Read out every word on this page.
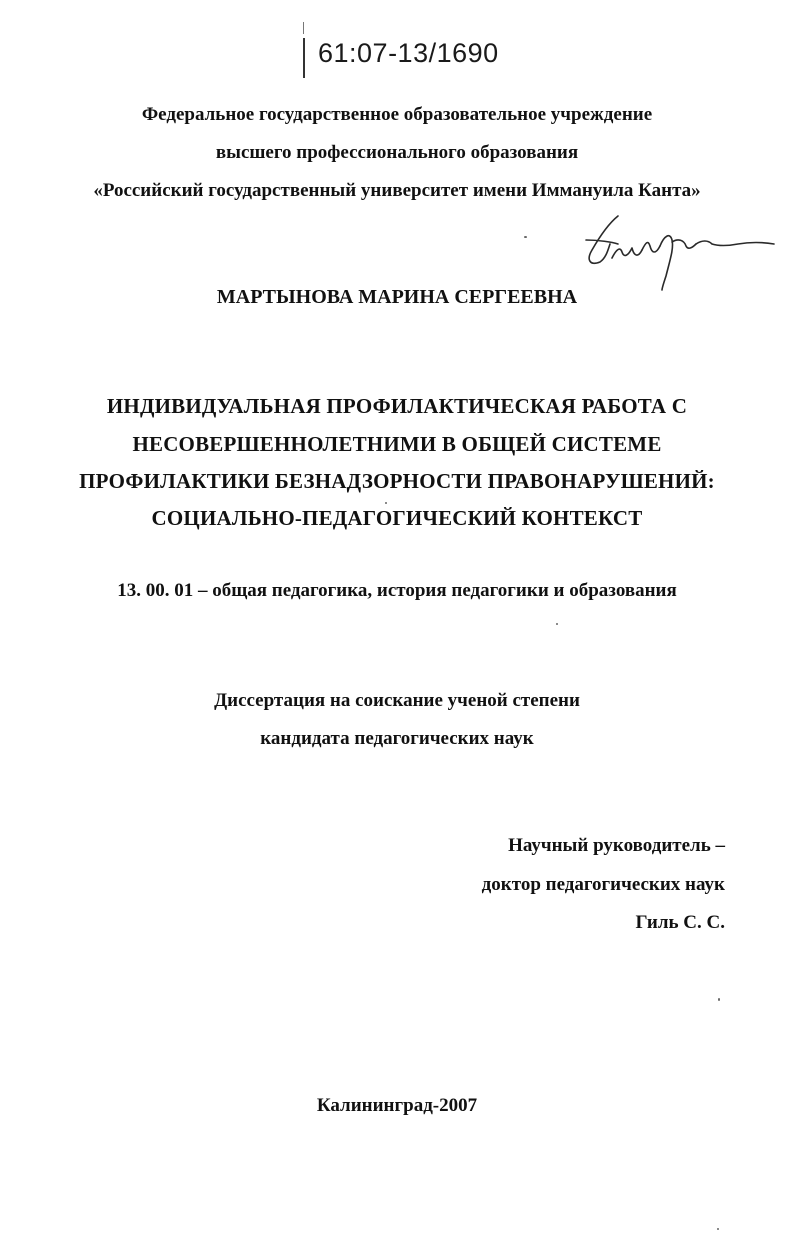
61:07-13/1690
Федеральное государственное образовательное учреждение
высшего профессионального образования
«Российский государственный университет имени Иммануила Канта»
МАРТЫНОВА МАРИНА СЕРГЕЕВНА
ИНДИВИДУАЛЬНАЯ ПРОФИЛАКТИЧЕСКАЯ РАБОТА С
НЕСОВЕРШЕННОЛЕТНИМИ В ОБЩЕЙ СИСТЕМЕ
ПРОФИЛАКТИКИ БЕЗНАДЗОРНОСТИ ПРАВОНАРУШЕНИЙ:
СОЦИАЛЬНО-ПЕДАГОГИЧЕСКИЙ КОНТЕКСТ
13. 00. 01 – общая педагогика, история педагогики и образования
Диссертация на соискание ученой степени
кандидата педагогических наук
Научный руководитель –
доктор педагогических наук
Гиль С. С.
Калининград-2007
